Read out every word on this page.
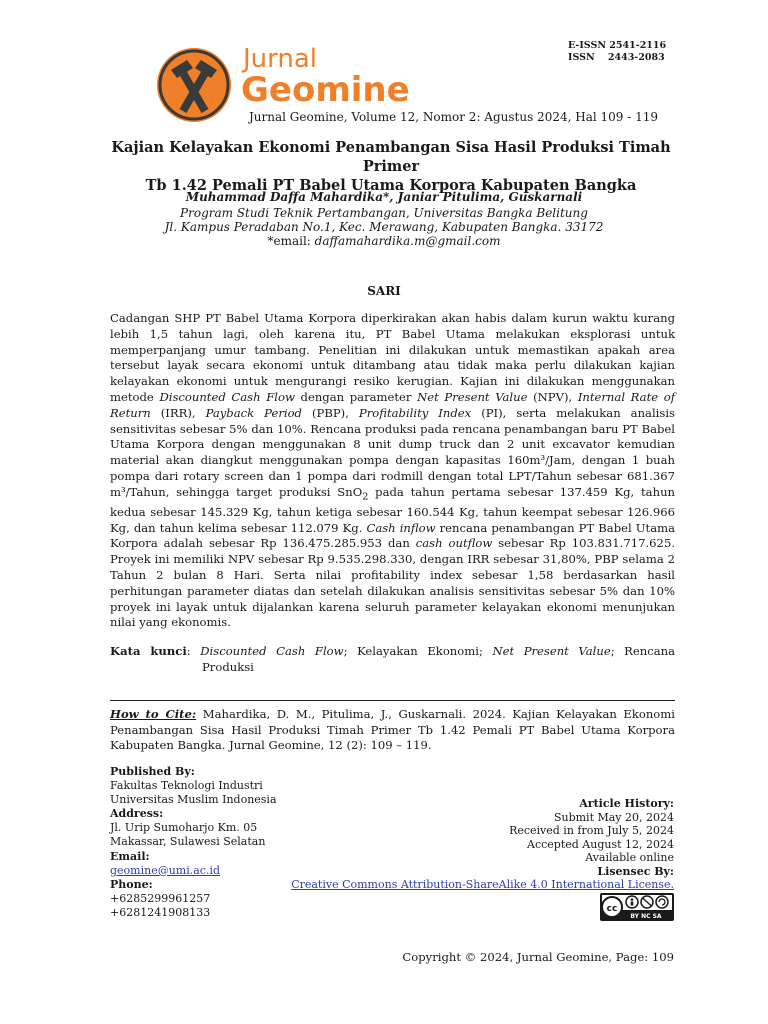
Jurnal
Geomine
E-ISSN 2541-2116
ISSN    2443-2083
Jurnal Geomine, Volume 12, Nomor 2: Agustus 2024, Hal 109 - 119
Kajian Kelayakan Ekonomi Penambangan Sisa Hasil Produksi Timah Primer
Tb 1.42 Pemali PT Babel Utama Korpora Kabupaten Bangka
Muhammad Daffa Mahardika*, Janiar Pitulima, Guskarnali
Program Studi Teknik Pertambangan, Universitas Bangka Belitung
Jl. Kampus Peradaban No.1, Kec. Merawang, Kabupaten Bangka. 33172
*email: daffamahardika.m@gmail.com
SARI
Cadangan SHP PT Babel Utama Korpora diperkirakan akan habis dalam kurun waktu kurang lebih 1,5 tahun lagi, oleh karena itu, PT Babel Utama melakukan eksplorasi untuk memperpanjang umur tambang. Penelitian ini dilakukan untuk memastikan apakah area tersebut layak secara ekonomi untuk ditambang atau tidak maka perlu dilakukan kajian kelayakan ekonomi untuk mengurangi resiko kerugian. Kajian ini dilakukan menggunakan metode Discounted Cash Flow dengan parameter Net Present Value (NPV), Internal Rate of Return (IRR), Payback Period (PBP), Profitability Index (PI), serta melakukan analisis sensitivitas sebesar 5% dan 10%. Rencana produksi pada rencana penambangan baru PT Babel Utama Korpora dengan menggunakan 8 unit dump truck dan 2 unit excavator kemudian material akan diangkut menggunakan pompa dengan kapasitas 160m³/Jam, dengan 1 buah pompa dari rotary screen dan 1 pompa dari rodmill dengan total LPT/Tahun sebesar 681.367 m³/Tahun, sehingga target produksi SnO$_2$ pada tahun pertama sebesar 137.459 Kg, tahun kedua sebesar 145.329 Kg, tahun ketiga sebesar 160.544 Kg, tahun keempat sebesar 126.966 Kg, dan tahun kelima sebesar 112.079 Kg. Cash inflow rencana penambangan PT Babel Utama Korpora adalah sebesar Rp 136.475.285.953 dan cash outflow sebesar Rp 103.831.717.625. Proyek ini memiliki NPV sebesar Rp 9.535.298.330, dengan IRR sebesar 31,80%, PBP selama 2 Tahun 2 bulan 8 Hari. Serta nilai profitability index sebesar 1,58 berdasarkan hasil perhitungan parameter diatas dan setelah dilakukan analisis sensitivitas sebesar 5% dan 10% proyek ini layak untuk dijalankan karena seluruh parameter kelayakan ekonomi menunjukan nilai yang ekonomis.
Kata kunci: Discounted Cash Flow; Kelayakan Ekonomi; Net Present Value; Rencana
Produksi
How to Cite: Mahardika, D. M., Pitulima, J., Guskarnali. 2024. Kajian Kelayakan Ekonomi Penambangan Sisa Hasil Produksi Timah Primer Tb 1.42 Pemali PT Babel Utama Korpora Kabupaten Bangka. Jurnal Geomine, 12 (2): 109 – 119.
Published By:
Fakultas Teknologi Industri
Universitas Muslim Indonesia
Address:
Jl. Urip Sumoharjo Km. 05
Makassar, Sulawesi Selatan
Email:
geomine@umi.ac.id
Phone:
+6285299961257
+6281241908133
Article History:
Submit May 20, 2024
Received in from July 5, 2024
Accepted August 12, 2024
Available online
Lisensec By:
Creative Commons Attribution-ShareAlike 4.0 International License.
cc
BY NC SA
Copyright © 2024, Jurnal Geomine, Page: 109
